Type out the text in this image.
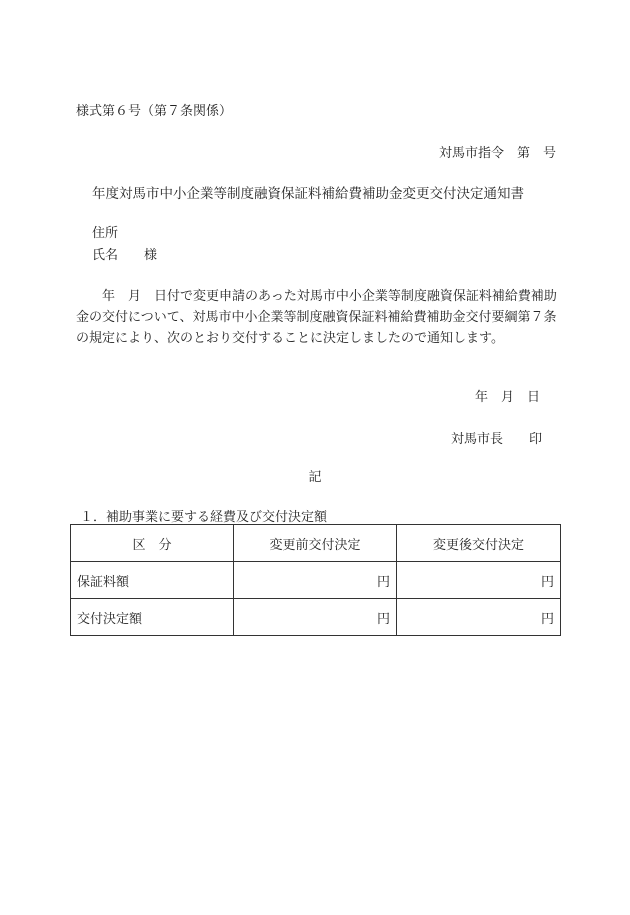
様式第６号（第７条関係）
対馬市指令　第　号
年度対馬市中小企業等制度融資保証料補給費補助金変更交付決定通知書
住所
氏名　　様
年　月　日付で変更申請のあった対馬市中小企業等制度融資保証料補給費補助金の交付について、対馬市中小企業等制度融資保証料補給費補助金交付要綱第７条の規定により、次のとおり交付することに決定しましたので通知します。
年　月　日
対馬市長　　印
記
１．補助事業に要する経費及び交付決定額
区　分	変更前交付決定	変更後交付決定
保証料額	円	円
交付決定額	円	円
